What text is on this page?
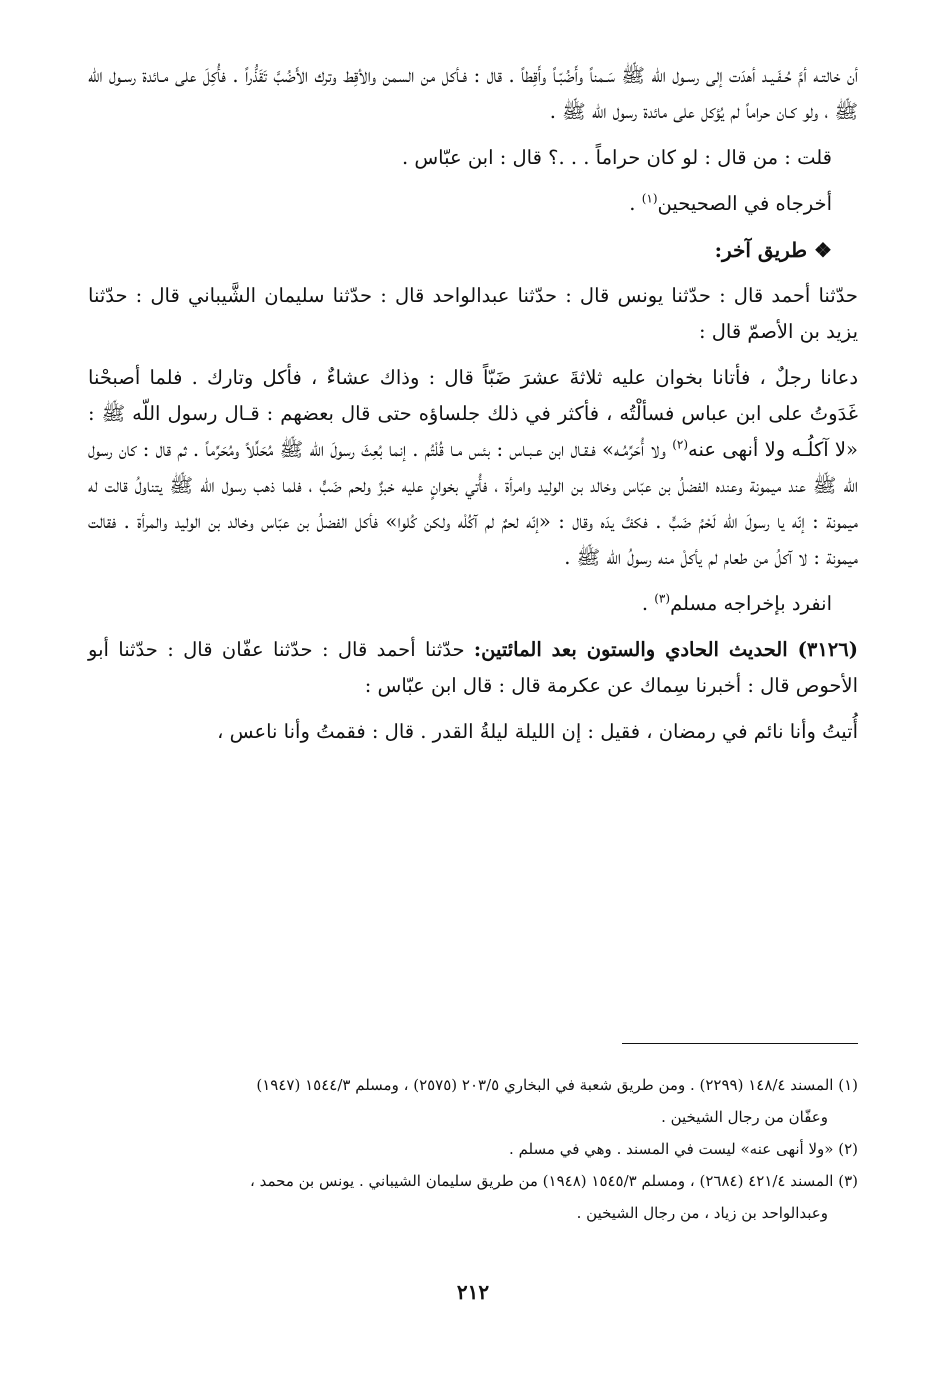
أن خالتـه أمَّ حُـفَـيـد أهدَت إلى رسـول اللّه ﷺ سَـمناً وأَضُبّـاً وأَقِطاً . قال : فـأكل من السمن والأقِط وترك الأَضُبَّ تَقَذُّراً . فأُكِلَ على مـائدة رسـول اللّه ﷺ ، ولو كـان حراماً لم يُؤكل على مائدة رسول اللّه ﷺ .

قلت : من قال : لو كان حراماً . . .؟ قال : ابن عبّاس .

أخرجاه في الصحيحين$^{(١)}$ .

❖ طريق آخر:

حدّثنا أحمد قال : حدّثنا يونس قال : حدّثنا عبدالواحد قال : حدّثنا سليمان الشَّيباني قال : حدّثنا يزيد بن الأصمّ قال :

دعانا رجلٌ ، فأتانا بخوان عليه ثلاثةَ عشرَ ضَبّاً قال : وذاك عشاءٌ ، فأكل وتارك . فلما أصبحْنا غَدَوتُ على ابن عباس فسألْتُه ، فأكثر في ذلك جلساؤه حتى قال بعضهم : قـال رسول اللّه ﷺ : «لا آكلُـه ولا أنهى عنه$^{(٢)}$ ولا أُحَرِّمُـه» فـقـال ابن عـبـاس : بئس مـا قُلْتُم . إنما بُعِثَ رسولَ اللّه ﷺ مُحَلِّلاً ومُحَرِّماً . ثم قال : كان رسول اللّه ﷺ عند ميمونة وعنده الفضلُ بن عبّاس وخالد بن الوليد وامرأة ، فأُتي بخوانٍ عليه خبزٌ ولحم ضَبٍّ ، فلما ذهب رسول اللّه ﷺ يتناولُ قالت له ميمونة : إنّه يا رسولَ اللّه لَحْمُ ضَبٍّ . فكفَّ يدَه وقال : «إنّه لحمٌ لم آكُلْه ولكن كُلوا» فأكل الفضلُ بن عبّاس وخالد بن الوليد والمرأة . فقالت ميمونة : لا آكلُ من طعام لم يأكلْ منه رسولُ اللّه ﷺ .

انفرد بإخراجه مسلم$^{(٣)}$ .

(٣١٢٦) الحديث الحادي والستون بعد المائتين: حدّثنا أحمد قال : حدّثنا عفّان قال : حدّثنا أبو الأحوص قال : أخبرنا سِماك عن عكرمة قال : قال ابن عبّاس :

أُتيتُ وأنا نائم في رمضان ، فقيل : إن الليلة ليلةُ القدر . قال : فقمتُ وأنا ناعس ،

(١) المسند ١٤٨/٤ (٢٢٩٩) . ومن طريق شعبة في البخاري ٢٠٣/٥ (٢٥٧٥) ، ومسلم ١٥٤٤/٣ (١٩٤٧)

وعفّان من رجال الشيخين .

(٢) «ولا أنهى عنه» ليست في المسند . وهي في مسلم .

(٣) المسند ٤٢١/٤ (٢٦٨٤) ، ومسلم ١٥٤٥/٣ (١٩٤٨) من طريق سليمان الشيباني . يونس بن محمد ،

وعبدالواحد بن زياد ، من رجال الشيخين .

٢١٢
